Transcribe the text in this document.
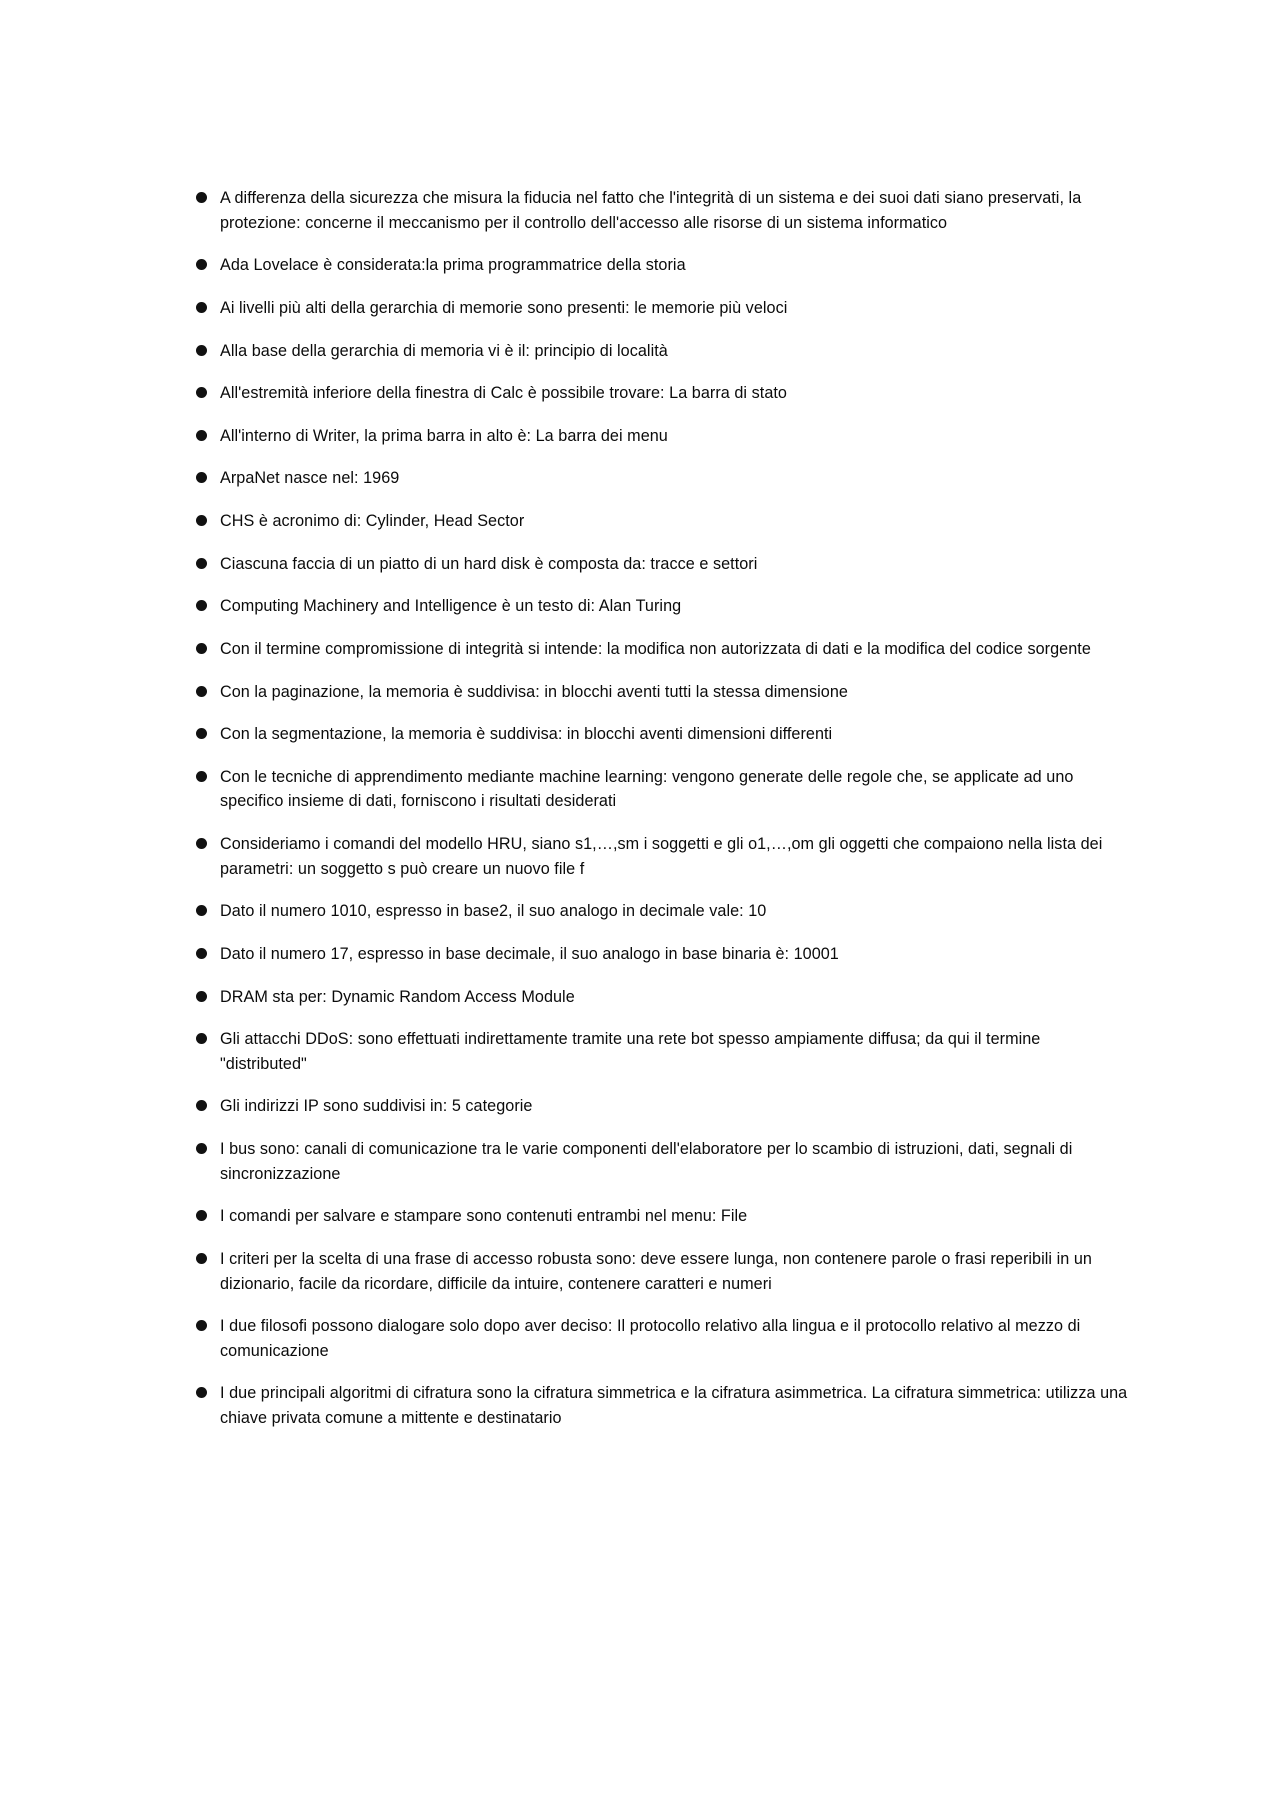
A differenza della sicurezza che misura la fiducia nel fatto che l'integrità di un sistema e dei suoi dati siano preservati, la protezione: concerne il meccanismo per il controllo dell'accesso alle risorse di un sistema informatico
Ada Lovelace è considerata:la prima programmatrice della storia
Ai livelli più alti della gerarchia di memorie sono presenti: le memorie più veloci
Alla base della gerarchia di memoria vi è il: principio di località
All'estremità inferiore della finestra di Calc è possibile trovare: La barra di stato
All'interno di Writer, la prima barra in alto è: La barra dei menu
ArpaNet nasce nel: 1969
CHS è acronimo di: Cylinder, Head Sector
Ciascuna faccia di un piatto di un hard disk è composta da: tracce e settori
Computing Machinery and Intelligence è un testo di: Alan Turing
Con il termine compromissione di integrità si intende: la modifica non autorizzata di dati e la modifica del codice sorgente
Con la paginazione, la memoria è suddivisa: in blocchi aventi tutti la stessa dimensione
Con la segmentazione, la memoria è suddivisa: in blocchi aventi dimensioni differenti
Con le tecniche di apprendimento mediante machine learning: vengono generate delle regole che, se applicate ad uno specifico insieme di dati, forniscono i risultati desiderati
Consideriamo i comandi del modello HRU, siano s1,…,sm i soggetti e gli o1,…,om gli oggetti che compaiono nella lista dei parametri: un soggetto s può creare un nuovo file f
Dato il numero 1010, espresso in base2, il suo analogo in decimale vale: 10
Dato il numero 17, espresso in base decimale, il suo analogo in base binaria è: 10001
DRAM sta per: Dynamic Random Access Module
Gli attacchi DDoS: sono effettuati indirettamente tramite una rete bot spesso ampiamente diffusa; da qui il termine "distributed"
Gli indirizzi IP sono suddivisi in: 5 categorie
I bus sono: canali di comunicazione tra le varie componenti dell'elaboratore per lo scambio di istruzioni, dati, segnali di sincronizzazione
I comandi per salvare e stampare sono contenuti entrambi nel menu: File
I criteri per la scelta di una frase di accesso robusta sono: deve essere lunga, non contenere parole o frasi reperibili in un dizionario, facile da ricordare, difficile da intuire, contenere caratteri e numeri
I due filosofi possono dialogare solo dopo aver deciso: Il protocollo relativo alla lingua e il protocollo relativo al mezzo di comunicazione
I due principali algoritmi di cifratura sono la cifratura simmetrica e la cifratura asimmetrica. La cifratura simmetrica: utilizza una chiave privata comune a mittente e destinatario
